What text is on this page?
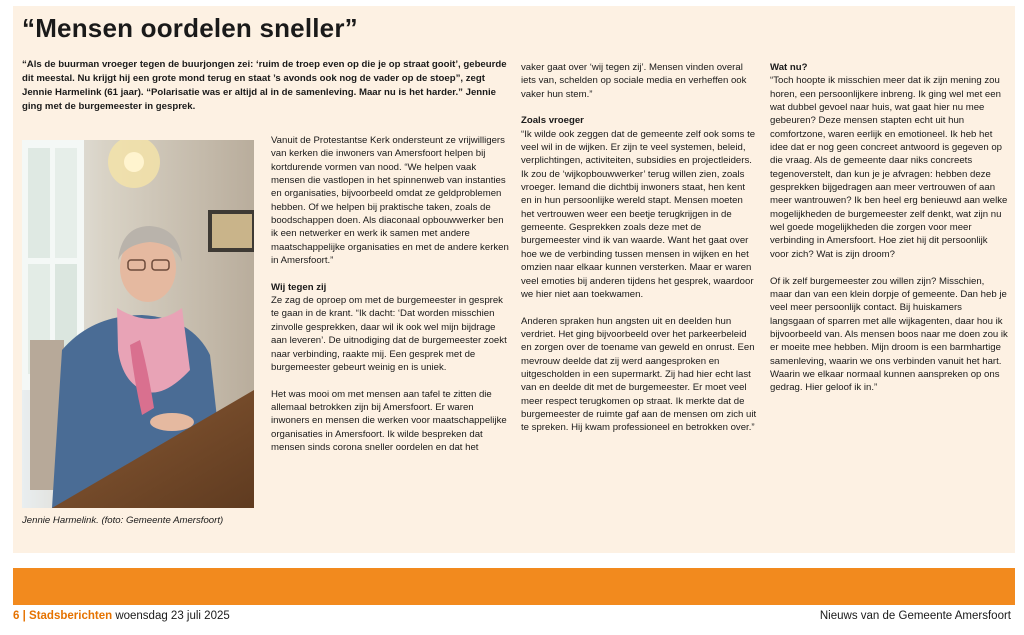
“Mensen oordelen sneller”
“Als de buurman vroeger tegen de buurjongen zei: ‘ruim de troep even op die je op straat gooit’, gebeurde dit meestal. Nu krijgt hij een grote mond terug en staat ’s avonds ook nog de vader op de stoep”, zegt Jennie Harmelink (61 jaar). “Polarisatie was er altijd al in de samenleving. Maar nu is het harder.” Jennie ging met de burgemeester in gesprek.
Jennie Harmelink. (foto: Gemeente Amersfoort)

Vanuit de Protestantse Kerk ondersteunt ze vrijwilligers van kerken die inwoners van Amersfoort helpen bij kortdurende vormen van nood. “We helpen vaak mensen die vastlopen in het spinnenweb van instanties en organisaties, bijvoorbeeld omdat ze geldproblemen hebben. Of we helpen bij praktische taken, zoals de boodschappen doen. Als diaconaal opbouwwerker ben ik een netwerker en werk ik samen met andere maatschappelijke organisaties en met de andere kerken in Amersfoort.”

Wij tegen zij

Ze zag de oproep om met de burgemeester in gesprek te gaan in de krant. “Ik dacht: ‘Dat worden misschien zinvolle gesprekken, daar wil ik ook wel mijn bijdrage aan leveren’. De uitnodiging dat de burgemeester zoekt naar verbinding, raakte mij. Een gesprek met de burgemeester gebeurt weinig en is uniek.

Het was mooi om met mensen aan tafel te zitten die allemaal betrokken zijn bij Amersfoort. Er waren inwoners en mensen die werken voor maatschappelijke organisaties in Amersfoort. Ik wilde bespreken dat mensen sinds corona sneller oordelen en dat het

vaker gaat over ‘wij tegen zij’. Mensen vinden overal iets van, schelden op sociale media en verheffen ook vaker hun stem.”

Zoals vroeger

“Ik wilde ook zeggen dat de gemeente zelf ook soms te veel wil in de wijken. Er zijn te veel systemen, beleid, verplichtingen, activiteiten, subsidies en projectleiders. Ik zou de ‘wijkopbouwwerker’ terug willen zien, zoals vroeger. Iemand die dichtbij inwoners staat, hen kent en in hun persoonlijke wereld stapt. Mensen moeten het vertrouwen weer een beetje terugkrijgen in de gemeente. Gesprekken zoals deze met de burgemeester vind ik van waarde. Want het gaat over hoe we de verbinding tussen mensen in wijken en het omzien naar elkaar kunnen versterken. Maar er waren veel emoties bij anderen tijdens het gesprek, waardoor we hier niet aan toekwamen.

Anderen spraken hun angsten uit en deelden hun verdriet. Het ging bijvoorbeeld over het parkeerbeleid en zorgen over de toename van geweld en onrust. Een mevrouw deelde dat zij werd aangesproken en uitgescholden in een supermarkt. Zij had hier echt last van en deelde dit met de burgemeester. Er moet veel meer respect terugkomen op straat. Ik merkte dat de burgemeester de ruimte gaf aan de mensen om zich uit te spreken. Hij kwam professioneel en betrokken over.”

Wat nu?

“Toch hoopte ik misschien meer dat ik zijn mening zou horen, een persoonlijkere inbreng. Ik ging wel met een wat dubbel gevoel naar huis, wat gaat hier nu mee gebeuren? Deze mensen stapten echt uit hun comfortzone, waren eerlijk en emotioneel. Ik heb het idee dat er nog geen concreet antwoord is gegeven op die vraag. Als de gemeente daar niks concreets tegenoverstelt, dan kun je je afvragen: hebben deze gesprekken bijgedragen aan meer vertrouwen of aan meer wantrouwen? Ik ben heel erg benieuwd aan welke mogelijkheden de burgemeester zelf denkt, wat zijn nu wel goede mogelijkheden die zorgen voor meer verbinding in Amersfoort. Hoe ziet hij dit persoonlijk voor zich? Wat is zijn droom?

Of ik zelf burgemeester zou willen zijn? Misschien, maar dan van een klein dorpje of gemeente. Dan heb je veel meer persoonlijk contact. Bij huiskamers langsgaan of sparren met alle wijkagenten, daar hou ik bijvoorbeeld van. Als mensen boos naar me doen zou ik er moeite mee hebben. Mijn droom is een barmhartige samenleving, waarin we ons verbinden vanuit het hart. Waarin we elkaar normaal kunnen aanspreken op ons gedrag. Hier geloof ik in.”

6 | Stadsberichten woensdag 23 juli 2025	Nieuws van de Gemeente Amersfoort
